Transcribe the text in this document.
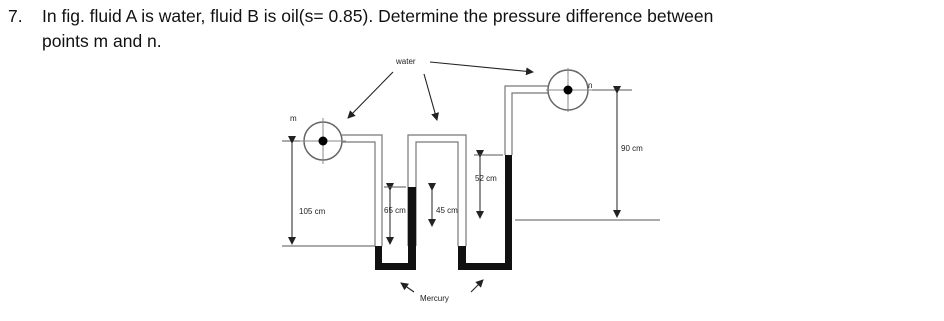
7. In fig. fluid A is water, fluid B is oil(s= 0.85). Determine the pressure difference between
points m and n.
m
n
water
105 cm	65 cm	45 cm
52 cm
90 cm
Mercury
